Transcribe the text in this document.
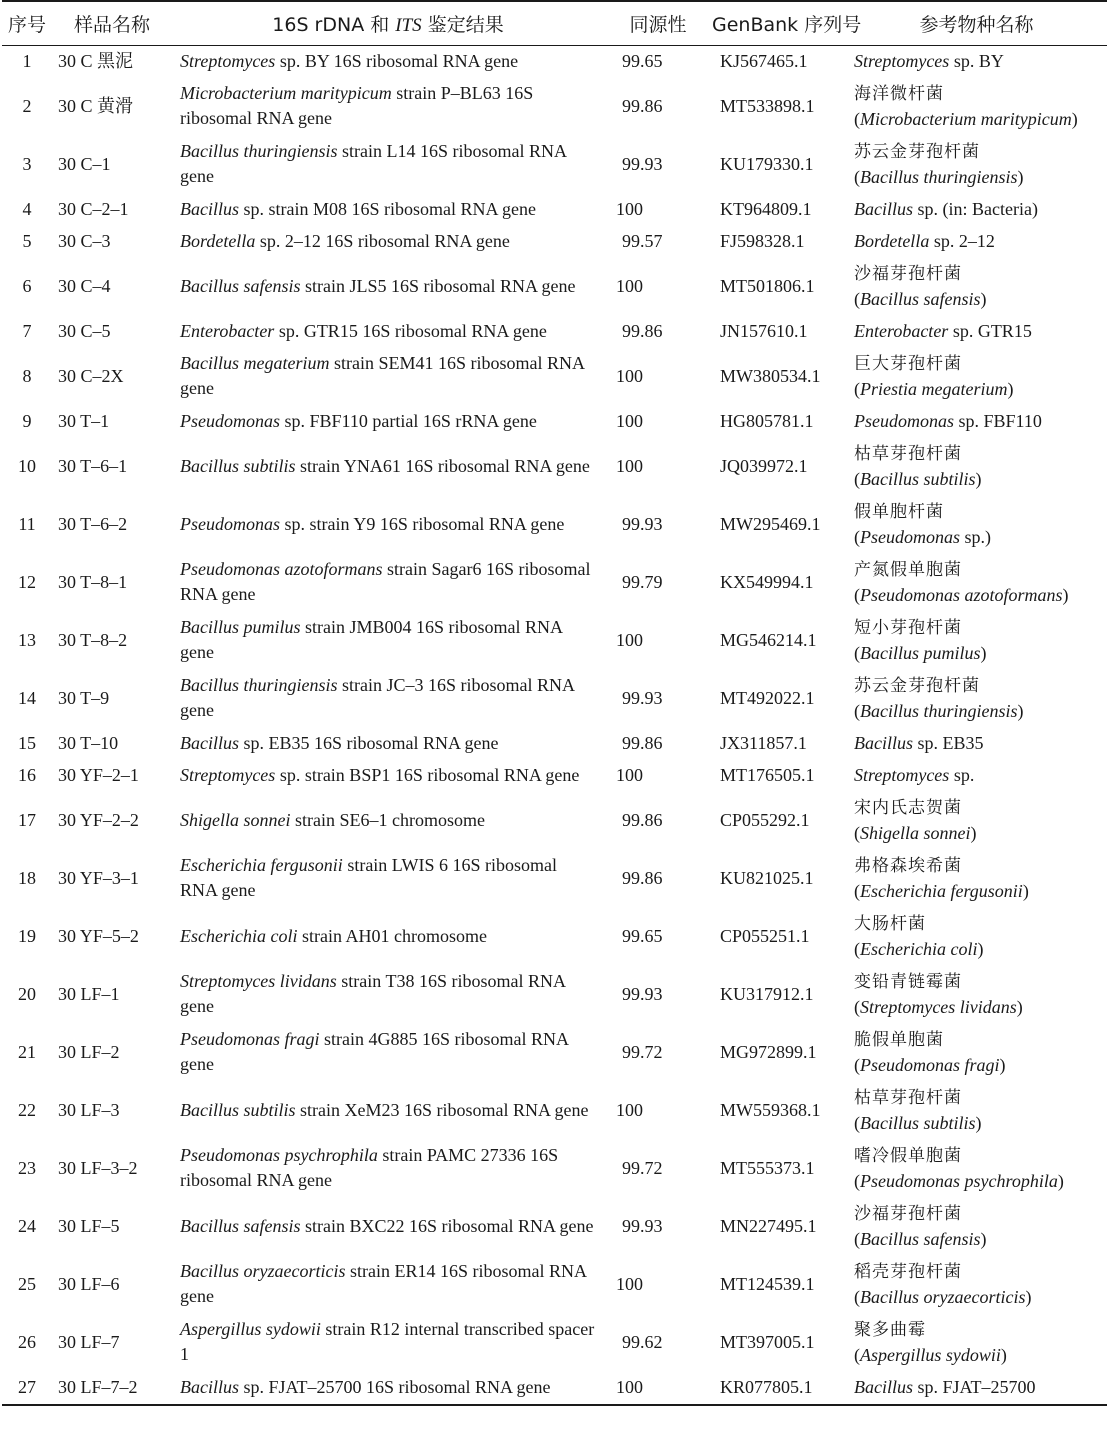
序号	样品名称	16S rDNA 和 ITS 鉴定结果	同源性	GenBank 序列号	参考物种名称
1	30 C 黑泥	Streptomyces sp. BY 16S ribosomal RNA gene	99.65	KJ567465.1	Streptomyces sp. BY
2	30 C 黄滑	Microbacterium maritypicum strain P–BL63 16S ribosomal RNA gene	99.86	MT533898.1	海洋微杆菌
(Microbacterium maritypicum)

3	30 C–1	Bacillus thuringiensis strain L14 16S ribosomal RNA gene	99.93	KU179330.1	苏云金芽孢杆菌
(Bacillus thuringiensis)

4	30 C–2–1	Bacillus sp. strain M08 16S ribosomal RNA gene	100	KT964809.1	Bacillus sp. (in: Bacteria)
5	30 C–3	Bordetella sp. 2–12 16S ribosomal RNA gene	99.57	FJ598328.1	Bordetella sp. 2–12
6	30 C–4	Bacillus safensis strain JLS5 16S ribosomal RNA gene	100	MT501806.1	沙福芽孢杆菌
(Bacillus safensis)

7	30 C–5	Enterobacter sp. GTR15 16S ribosomal RNA gene	99.86	JN157610.1	Enterobacter sp. GTR15
8	30 C–2X	Bacillus megaterium strain SEM41 16S ribosomal RNA gene	100	MW380534.1	巨大芽孢杆菌
(Priestia megaterium)

9	30 T–1	Pseudomonas sp. FBF110 partial 16S rRNA gene	100	HG805781.1	Pseudomonas sp. FBF110
10	30 T–6–1	Bacillus subtilis strain YNA61 16S ribosomal RNA gene	100	JQ039972.1	枯草芽孢杆菌
(Bacillus subtilis)

11	30 T–6–2	Pseudomonas sp. strain Y9 16S ribosomal RNA gene	99.93	MW295469.1	假单胞杆菌
(Pseudomonas sp.)

12	30 T–8–1	Pseudomonas azotoformans strain Sagar6 16S ribosomal RNA gene	99.79	KX549994.1	产氮假单胞菌
(Pseudomonas azotoformans)

13	30 T–8–2	Bacillus pumilus strain JMB004 16S ribosomal RNA gene	100	MG546214.1	短小芽孢杆菌
(Bacillus pumilus)

14	30 T–9	Bacillus thuringiensis strain JC–3 16S ribosomal RNA gene	99.93	MT492022.1	苏云金芽孢杆菌
(Bacillus thuringiensis)

15	30 T–10	Bacillus sp. EB35 16S ribosomal RNA gene	99.86	JX311857.1	Bacillus sp. EB35
16	30 YF–2–1	Streptomyces sp. strain BSP1 16S ribosomal RNA gene	100	MT176505.1	Streptomyces sp.
17	30 YF–2–2	Shigella sonnei strain SE6–1 chromosome	99.86	CP055292.1	宋内氏志贺菌
(Shigella sonnei)

18	30 YF–3–1	Escherichia fergusonii strain LWIS 6 16S ribosomal RNA gene	99.86	KU821025.1	弗格森埃希菌
(Escherichia fergusonii)

19	30 YF–5–2	Escherichia coli strain AH01 chromosome	99.65	CP055251.1	大肠杆菌
(Escherichia coli)

20	30 LF–1	Streptomyces lividans strain T38 16S ribosomal RNA gene	99.93	KU317912.1	变铅青链霉菌
(Streptomyces lividans)

21	30 LF–2	Pseudomonas fragi strain 4G885 16S ribosomal RNA gene	99.72	MG972899.1	脆假单胞菌
(Pseudomonas fragi)

22	30 LF–3	Bacillus subtilis strain XeM23 16S ribosomal RNA gene	100	MW559368.1	枯草芽孢杆菌
(Bacillus subtilis)

23	30 LF–3–2	Pseudomonas psychrophila strain PAMC 27336 16S ribosomal RNA gene	99.72	MT555373.1	嗜冷假单胞菌
(Pseudomonas psychrophila)

24	30 LF–5	Bacillus safensis strain BXC22 16S ribosomal RNA gene	99.93	MN227495.1	沙福芽孢杆菌
(Bacillus safensis)

25	30 LF–6	Bacillus oryzaecorticis strain ER14 16S ribosomal RNA gene	100	MT124539.1	稻壳芽孢杆菌
(Bacillus oryzaecorticis)

26	30 LF–7	Aspergillus sydowii strain R12 internal transcribed spacer 1	99.62	MT397005.1	聚多曲霉
(Aspergillus sydowii)

27	30 LF–7–2	Bacillus sp. FJAT–25700 16S ribosomal RNA gene	100	KR077805.1	Bacillus sp. FJAT–25700
